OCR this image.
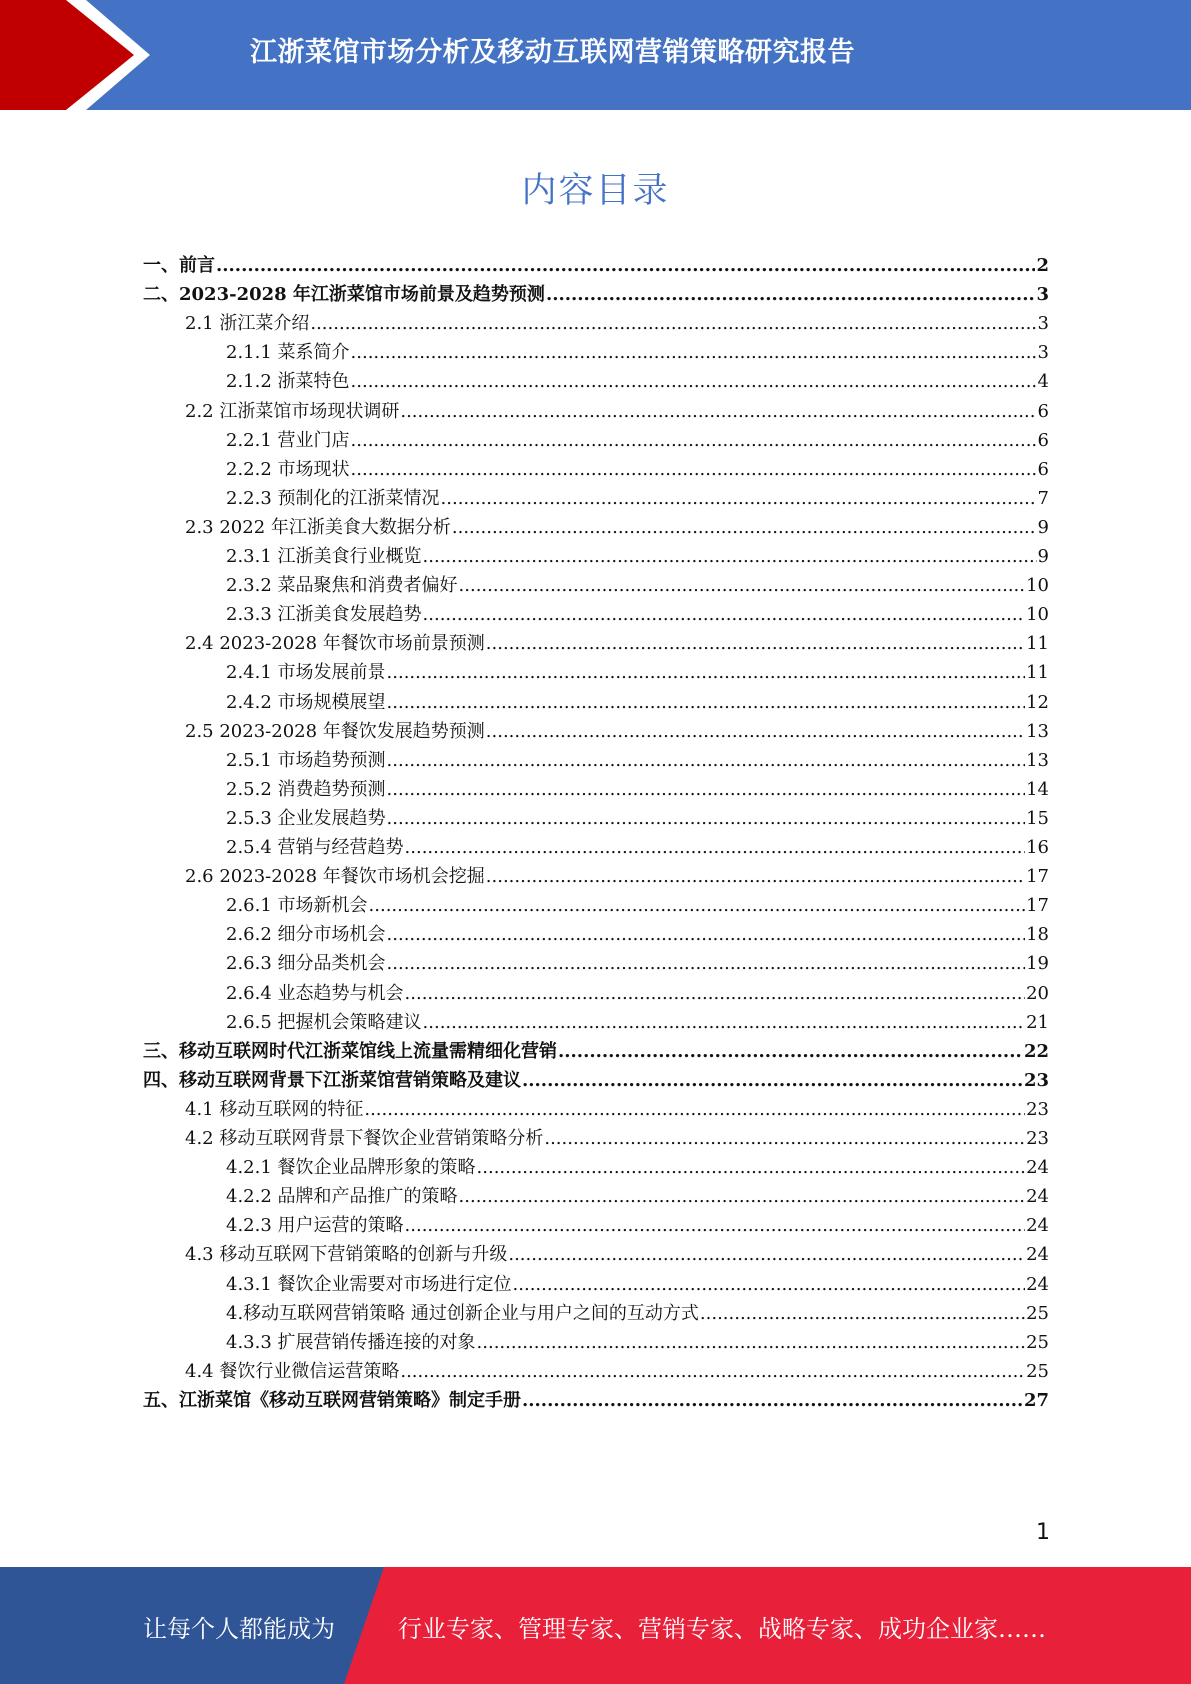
江浙菜馆市场分析及移动互联网营销策略研究报告
内容目录
一、前言 .....	2
二、2023-2028 年江浙菜馆市场前景及趋势预测 .....	3
2.1 浙江菜介绍 .....	3
2.1.1 菜系简介 .....	3
2.1.2 浙菜特色 .....	4
2.2 江浙菜馆市场现状调研 .....	6
2.2.1 营业门店 .....	6
2.2.2 市场现状 .....	6
2.2.3 预制化的江浙菜情况 .....	7
2.3 2022 年江浙美食大数据分析 .....	9
2.3.1 江浙美食行业概览 .....	9
2.3.2 菜品聚焦和消费者偏好 .....	10
2.3.3 江浙美食发展趋势 .....	10
2.4 2023-2028 年餐饮市场前景预测 .....	11
2.4.1 市场发展前景 .....	11
2.4.2 市场规模展望 .....	12
2.5 2023-2028 年餐饮发展趋势预测 .....	13
2.5.1 市场趋势预测 .....	13
2.5.2 消费趋势预测 .....	14
2.5.3 企业发展趋势 .....	15
2.5.4 营销与经营趋势 .....	16
2.6 2023-2028 年餐饮市场机会挖掘 .....	17
2.6.1 市场新机会 .....	17
2.6.2 细分市场机会 .....	18
2.6.3 细分品类机会 .....	19
2.6.4 业态趋势与机会 .....	20
2.6.5 把握机会策略建议 .....	21
三、移动互联网时代江浙菜馆线上流量需精细化营销 .....	22
四、移动互联网背景下江浙菜馆营销策略及建议 .....	23
4.1 移动互联网的特征 .....	23
4.2 移动互联网背景下餐饮企业营销策略分析 .....	23
4.2.1 餐饮企业品牌形象的策略 .....	24
4.2.2 品牌和产品推广的策略 .....	24
4.2.3 用户运营的策略 .....	24
4.3 移动互联网下营销策略的创新与升级 .....	24
4.3.1 餐饮企业需要对市场进行定位 .....	24
4.移动互联网营销策略 通过创新企业与用户之间的互动方式 .....	25
4.3.3 扩展营销传播连接的对象 .....	25
4.4 餐饮行业微信运营策略 .....	25
五、江浙菜馆《移动互联网营销策略》制定手册 .....	27
1
让每个人都能成为	行业专家、管理专家、营销专家、战略专家、成功企业家……
